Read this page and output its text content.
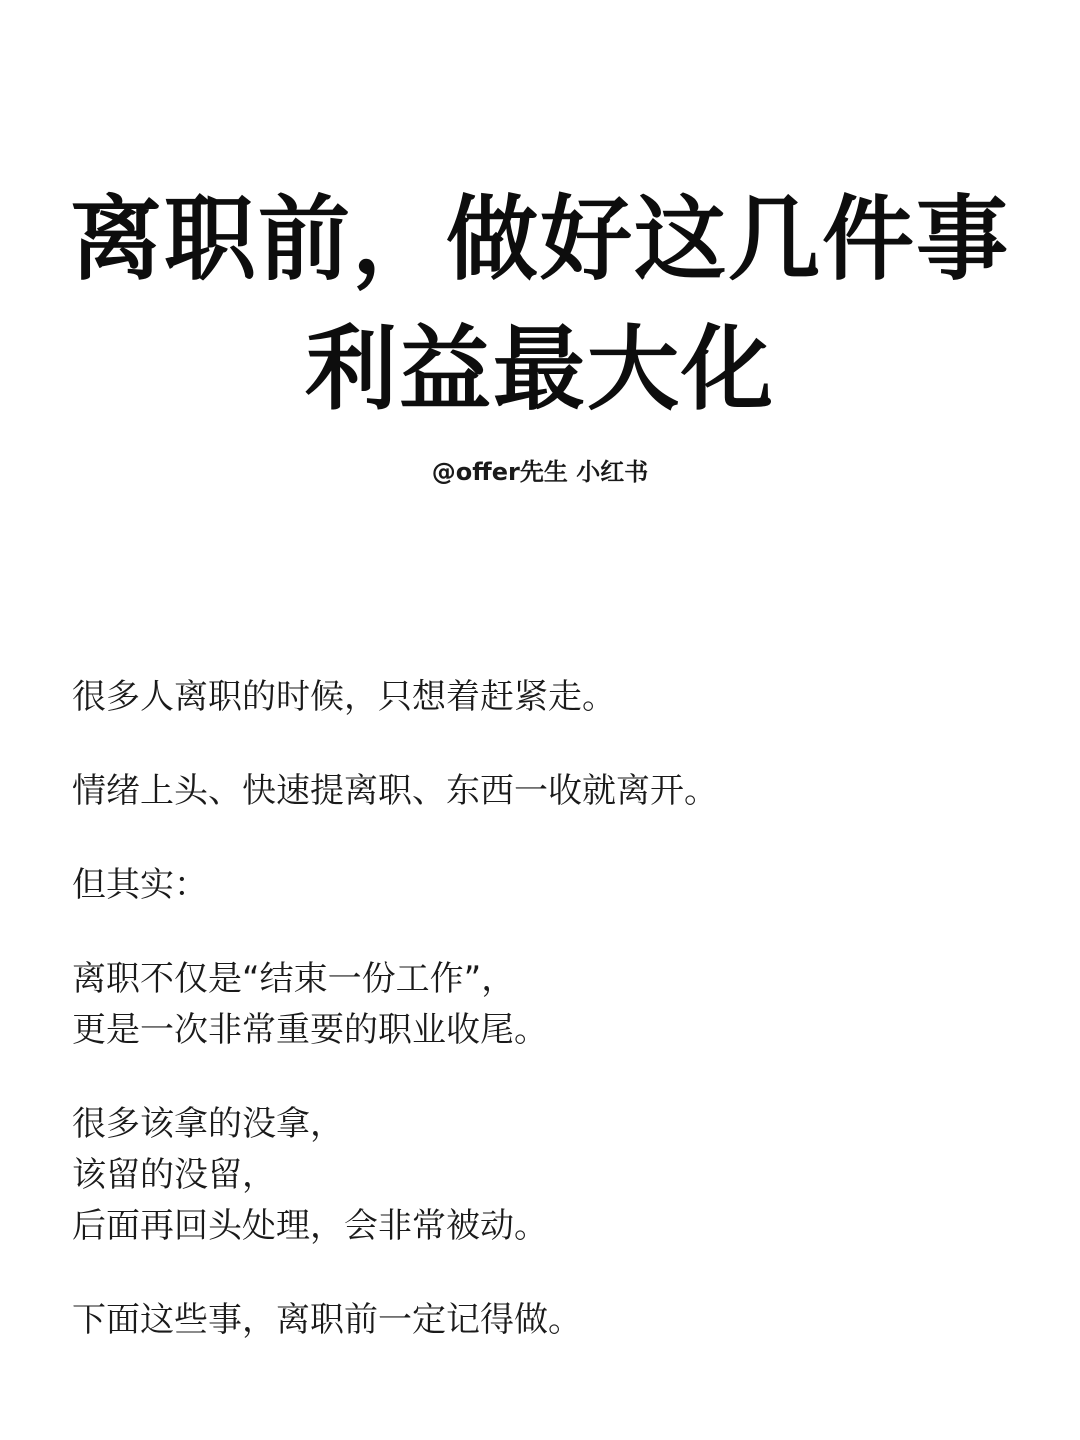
离职前，做好这几件事
利益最大化
@offer先生 小红书

很多人离职的时候，只想着赶紧走。

情绪上头、快速提离职、东西一收就离开。

但其实：

离职不仅是“结束一份工作”，
更是一次非常重要的职业收尾。

很多该拿的没拿，
该留的没留，
后面再回头处理，会非常被动。

下面这些事，离职前一定记得做。
